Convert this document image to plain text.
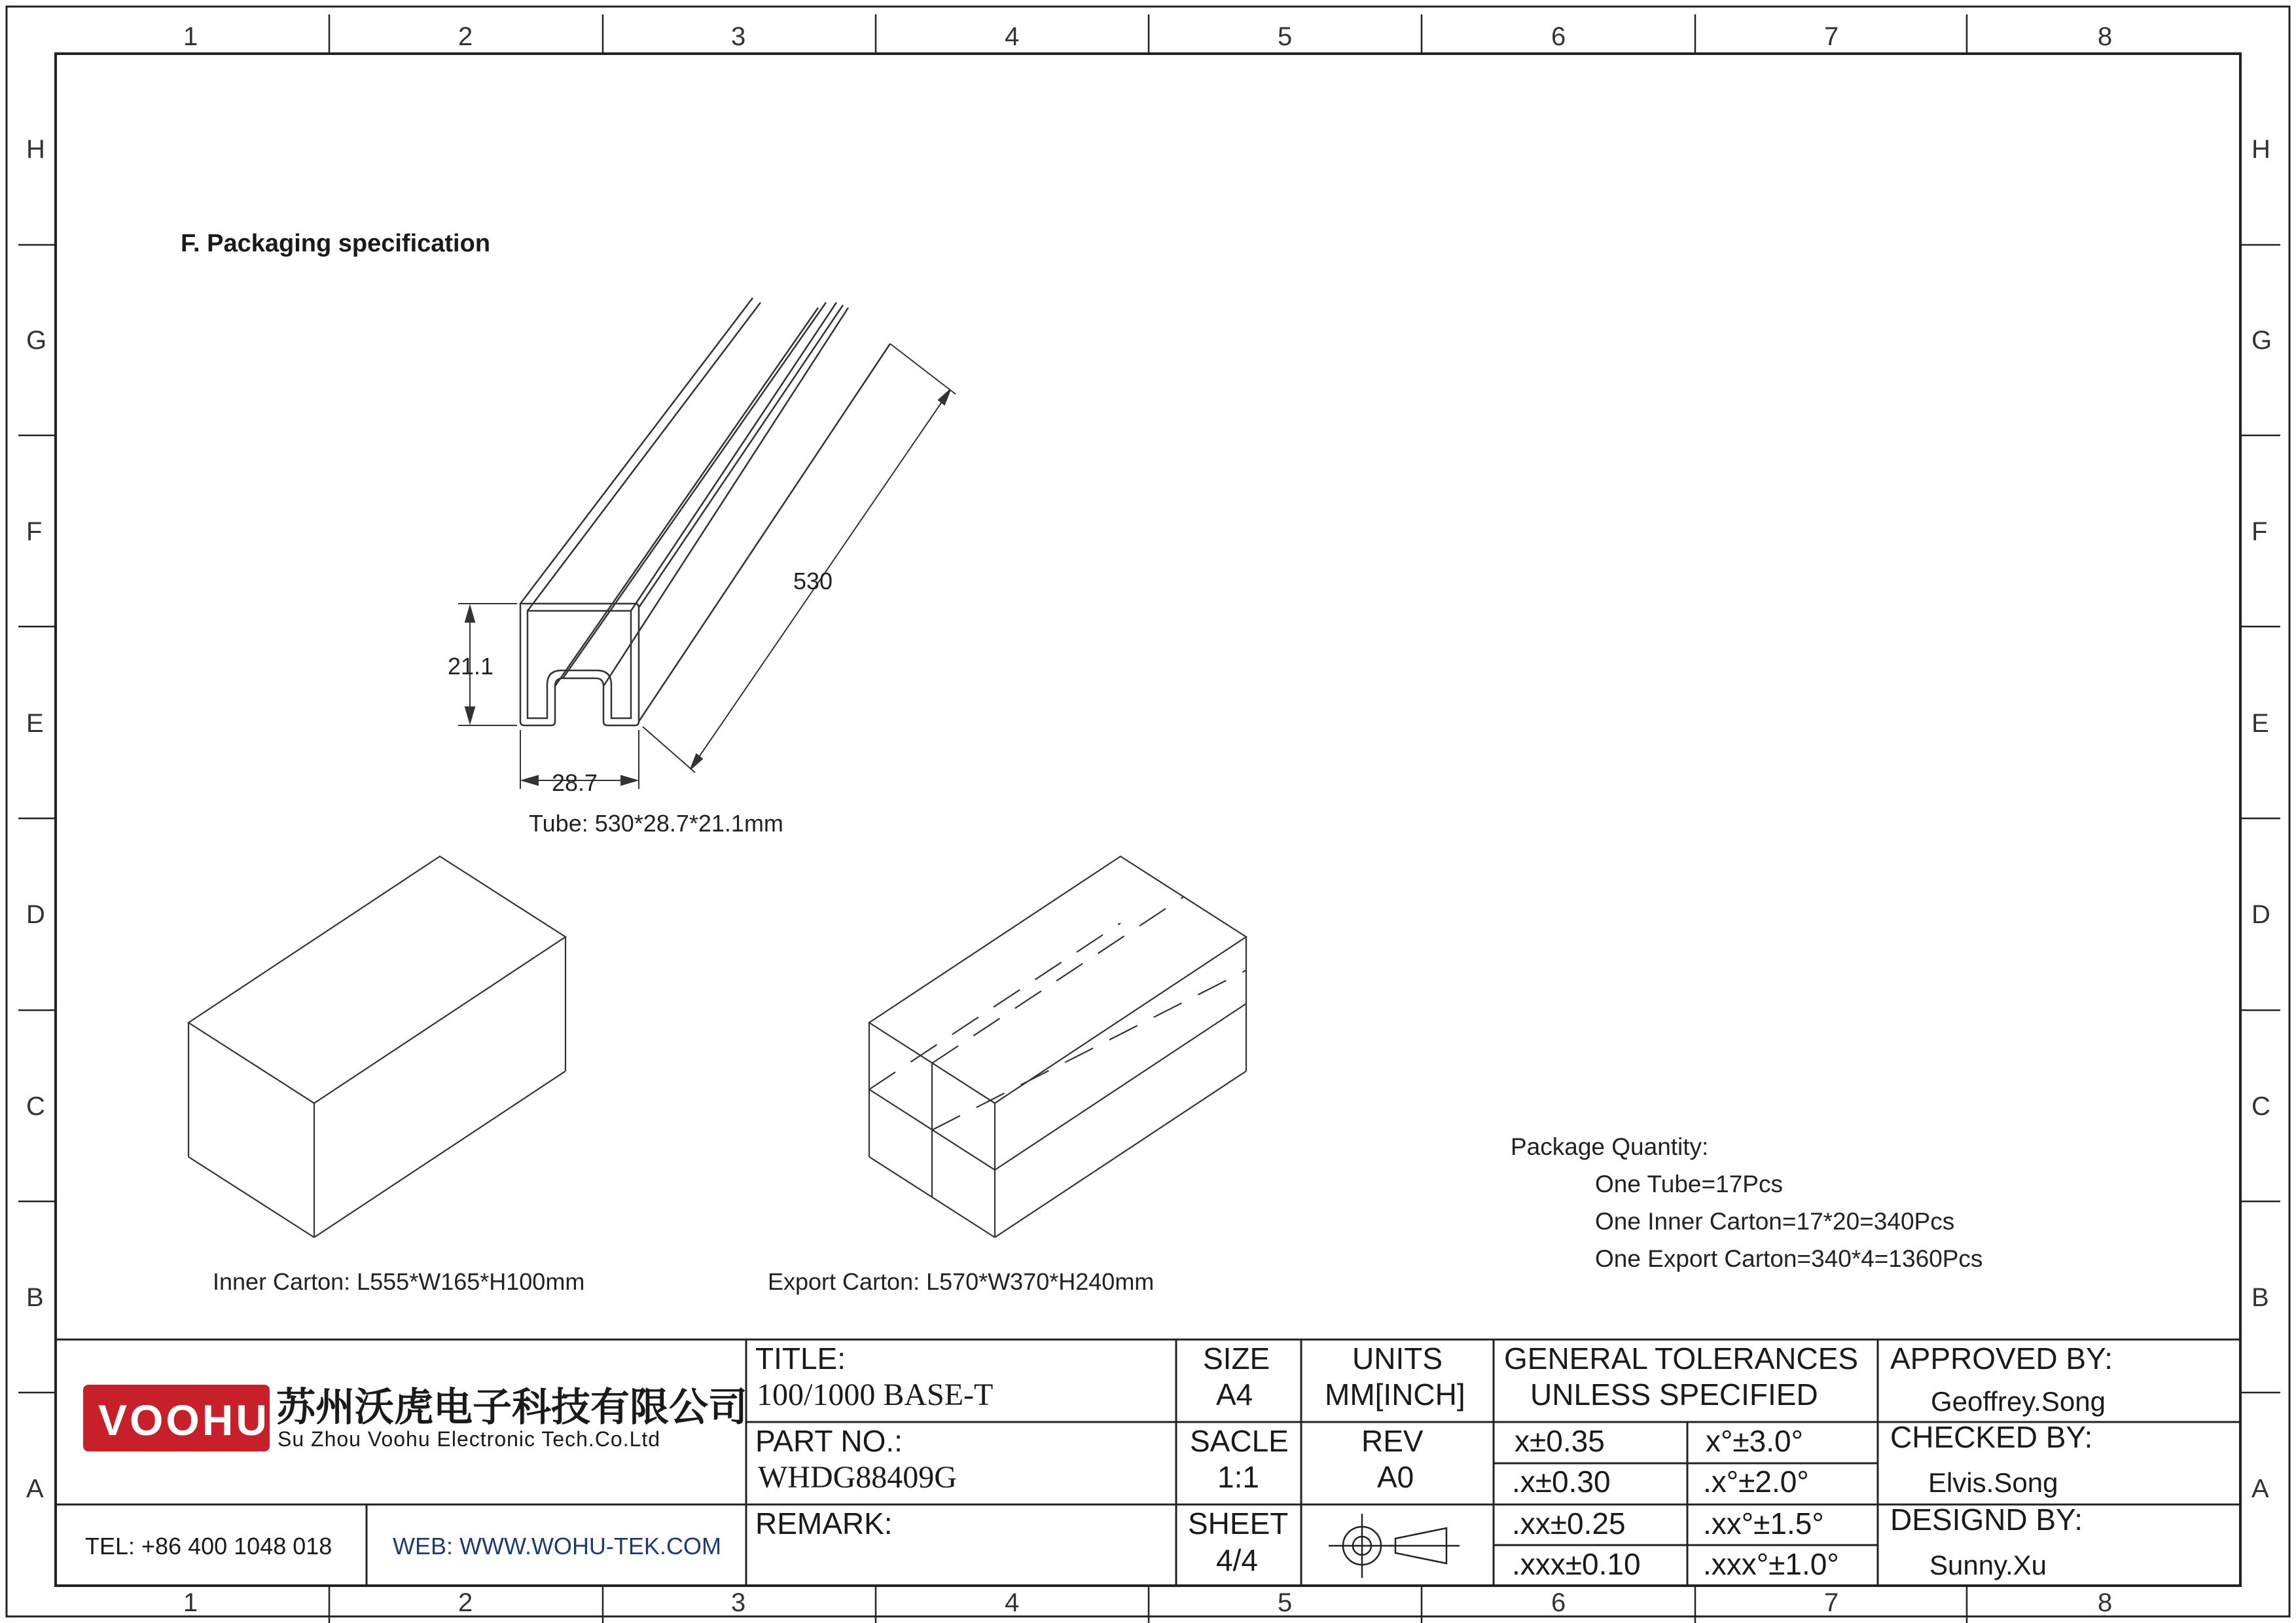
1	2	3	4	5	6	7	8
1	2	3	4	5	6	7	8
H
G
F
E
D
C
B
A
H
G
F
E
D
C
B
A
F. Packaging specification
21.1
28.7
530
Tube: 530*28.7*21.1mm
Inner Carton: L555*W165*H100mm	Export Carton: L570*W370*H240mm
Package Quantity:
One Tube=17Pcs
One Inner Carton=17*20=340Pcs
One Export Carton=340*4=1360Pcs
VOOHU 苏州沃虎电子科技有限公司
Su Zhou Voohu Electronic Tech.Co.Ltd
TEL: +86 400 1048 018	WEB: WWW.WOHU-TEK.COM
TITLE:
100/1000 BASE-T
PART NO.:
WHDG88409G
REMARK:
SIZE
A4
SACLE
1:1
SHEET
4/4
UNITS
MM[INCH]
REV
A0
GENERAL TOLERANCES
UNLESS SPECIFIED
x±0.35	x°±3.0°
.x±0.30	.x°±2.0°
.xx±0.25	.xx°±1.5°
.xxx±0.10 .xxx°±1.0°
APPROVED BY:
Geoffrey.Song
CHECKED BY:
Elvis.Song
DESIGND BY:
Sunny.Xu
